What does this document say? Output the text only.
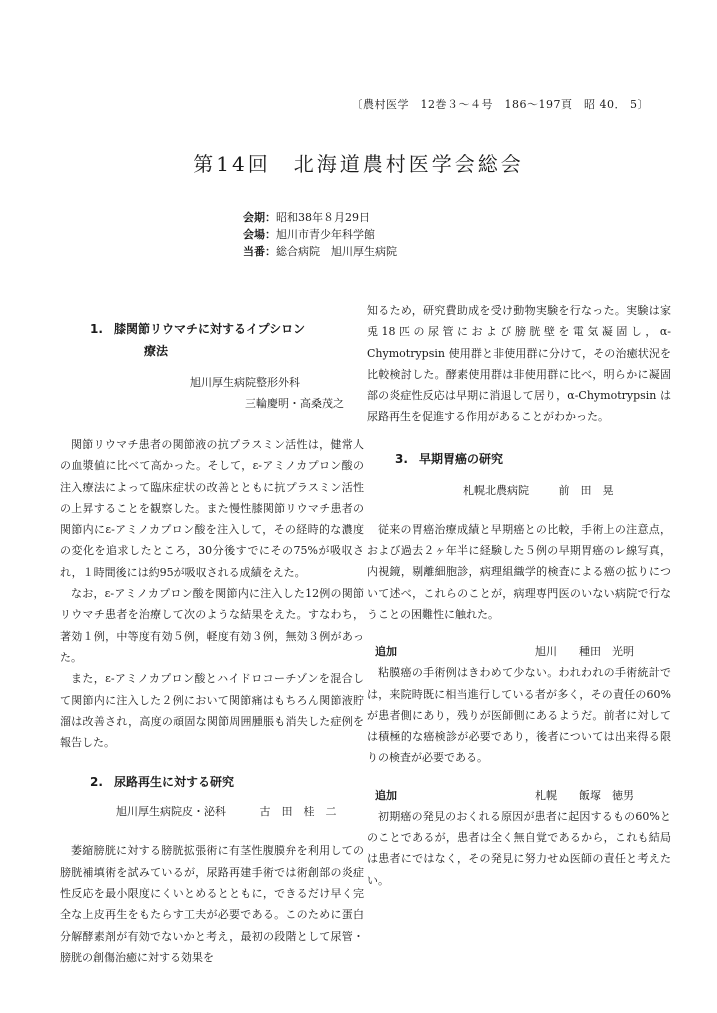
〔農村医学　12巻３～４号　186～197頁　昭 40． 5〕
第14回　北海道農村医学会総会
会期：昭和38年８月29日
会場：旭川市青少年科学館
当番：総合病院　旭川厚生病院
1. 膝関節リウマチに対するイプシロン
療法
旭川厚生病院整形外科
三輪慶明・高桑茂之

関節リウマチ患者の関節液の抗プラスミン活性は，健常人の血漿値に比べて高かった。そして，ε-アミノカプロン酸の注入療法によって臨床症状の改善とともに抗プラスミン活性の上昇することを観察した。また慢性膝関節リウマチ患者の関節内にε-アミノカプロン酸を注入して，その経時的な濃度の変化を追求したところ，30分後すでにその75%が吸収され，１時間後には約95が吸収される成績をえた。

なお，ε-アミノカプロン酸を関節内に注入した12例の関節リウマチ患者を治療して次のような結果をえた。すなわち，著効１例，中等度有効５例，軽度有効３例，無効３例があった。

また，ε-アミノカプロン酸とハイドロコーチゾンを混合して関節内に注入した２例において関節痛はもちろん関節液貯溜は改善され，高度の頑固な関節周囲腫脹も消失した症例を報告した。

2. 尿路再生に対する研究
旭川厚生病院皮・泌科	古　田　桂　二

萎縮膀胱に対する膀胱拡張術に有茎性腹膜弁を利用しての膀胱補填術を試みているが，尿路再建手術では術創部の炎症性反応を最小限度にくいとめるとともに，できるだけ早く完全な上皮再生をもたらす工夫が必要である。このために蛋白分解酵素剤が有効でないかと考え，最初の段階として尿管・膀胱の創傷治癒に対する効果を

知るため，研究費助成を受け動物実験を行なった。実験は家兎18匹の尿管におよび膀胱壁を電気凝固し，α-Chymotrypsin 使用群と非使用群に分けて，その治癒状況を比較検討した。酵素使用群は非使用群に比べ，明らかに凝固部の炎症性反応は早期に消退して居り，α-Chymotrypsin は尿路再生を促進する作用があることがわかった。

3. 早期胃癌の研究
札幌北農病院	前　田　晃

従来の胃癌治療成績と早期癌との比較，手術上の注意点，および過去２ヶ年半に経験した５例の早期胃癌のレ線写真，内視鏡，剔離細胞診，病理組織学的検査による癌の拡りについて述べ，これらのことが，病理専門医のいない病院で行なうことの困難性に触れた。

追加	旭川　　種田　光明

粘膜癌の手術例はきわめて少ない。われわれの手術統計では，来院時既に相当進行している者が多く，その責任の60%が患者側にあり，残りが医師側にあるようだ。前者に対しては積極的な癌検診が必要であり，後者については出来得る限りの検査が必要である。

追加	札幌　　飯塚　徳男

初期癌の発見のおくれる原因が患者に起因するもの60%とのことであるが，患者は全く無自覚であるから，これも結局は患者にではなく，その発見に努力せぬ医師の責任と考えたい。
